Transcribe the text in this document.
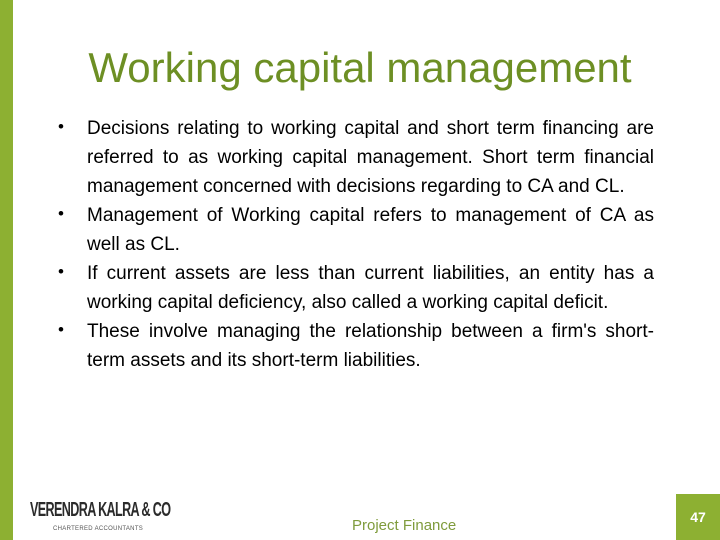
Working capital management
• Decisions relating to working capital and short term financing are referred to as working capital management. Short term financial management concerned with decisions regarding to CA and CL.
• Management of Working capital refers to management of CA as well as CL.
• If current assets are less than current liabilities, an entity has a working capital deficiency, also called a working capital deficit.
• These involve managing the relationship between a firm's short-term assets and its short-term liabilities.
VERENDRA KALRA & CO
CHARTERED ACCOUNTANTS	Project Finance	47
